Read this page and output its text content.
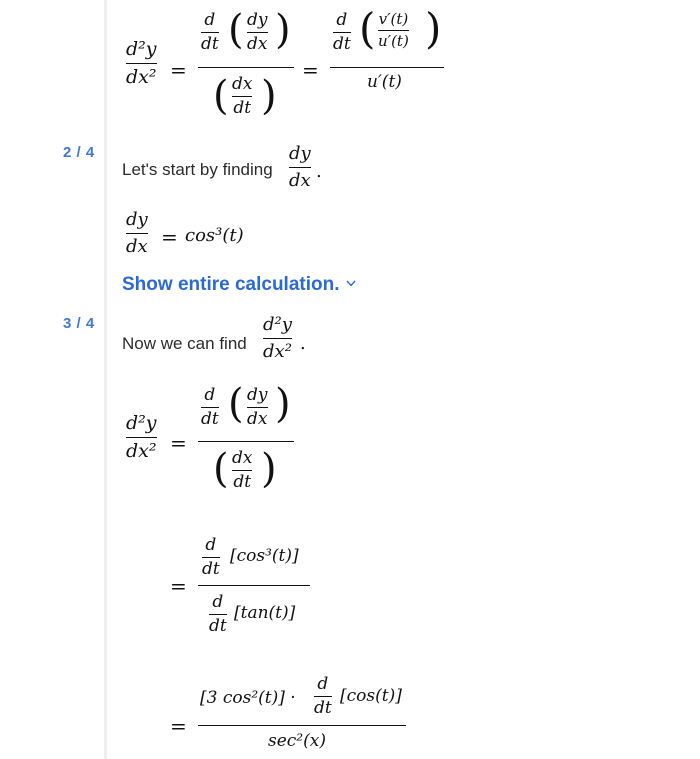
d²y
dx² =
d
dt ( dy
dx )
( dx
dt )
=
d
dt ( v′(t)
u′(t) )
u′(t)
2 / 4
Let's start by finding
dy
dx .
dy
dx = cos³(t)
Show entire calculation.
3 / 4
Now we can find
d²y
dx² .
d²y
dx² =
d
dt ( dy
dx )
( dx
dt )
=
d
dt
[cos³(t)]
d
dt
[tan(t)]
=
[3 cos²(t)] ·
d
dt
[cos(t)]
sec²(x)
